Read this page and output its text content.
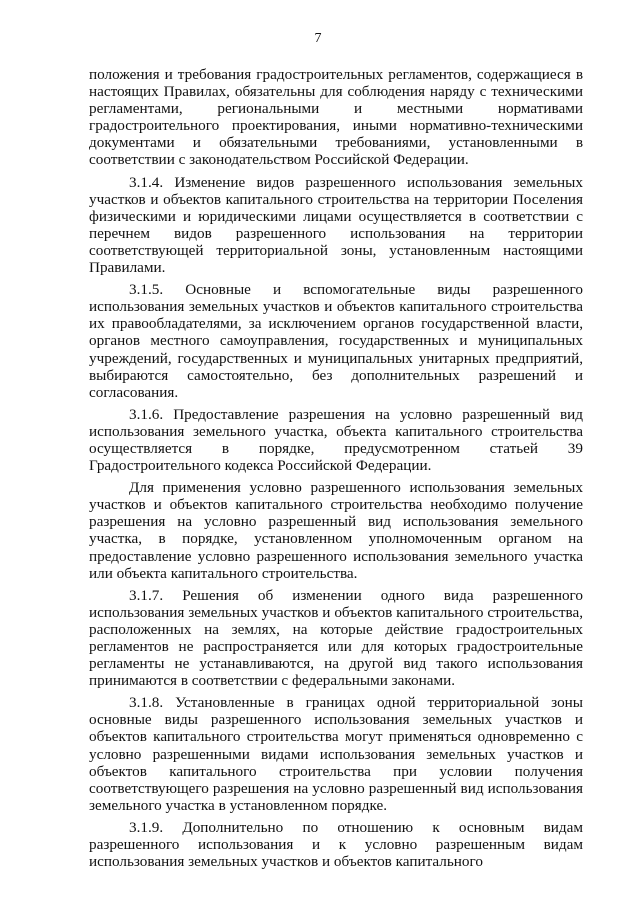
7

положения и требования градостроительных регламентов, содержащиеся в настоящих Правилах, обязательны для соблюдения наряду с техническими регламентами, региональными и местными нормативами градостроительного проектирования, иными нормативно-техническими документами и обязательными требованиями, установленными в соответствии с законодательством Российской Федерации.

3.1.4. Изменение видов разрешенного использования земельных участков и объектов капитального строительства на территории Поселения физическими и юридическими лицами осуществляется в соответствии с перечнем видов разрешенного использования на территории соответствующей территориальной зоны, установленным настоящими Правилами.

3.1.5. Основные и вспомогательные виды разрешенного использования земельных участков и объектов капитального строительства их правообладателями, за исключением органов государственной власти, органов местного самоуправления, государственных и муниципальных учреждений, государственных и муниципальных унитарных предприятий, выбираются самостоятельно, без дополнительных разрешений и согласования.

3.1.6. Предоставление разрешения на условно разрешенный вид использования земельного участка, объекта капитального строительства осуществляется в порядке, предусмотренном статьей 39 Градостроительного кодекса Российской Федерации.

Для применения условно разрешенного использования земельных участков и объектов капитального строительства необходимо получение разрешения на условно разрешенный вид использования земельного участка, в порядке, установленном уполномоченным органом на предоставление условно разрешенного использования земельного участка или объекта капитального строительства.

3.1.7. Решения об изменении одного вида разрешенного использования земельных участков и объектов капитального строительства, расположенных на землях, на которые действие градостроительных регламентов не распространяется или для которых градостроительные регламенты не устанавливаются, на другой вид такого использования принимаются в соответствии с федеральными законами.

3.1.8. Установленные в границах одной территориальной зоны основные виды разрешенного использования земельных участков и объектов капитального строительства могут применяться одновременно с условно разрешенными видами использования земельных участков и объектов капитального строительства при условии получения соответствующего разрешения на условно разрешенный вид использования земельного участка в установленном порядке.

3.1.9. Дополнительно по отношению к основным видам разрешенного использования и к условно разрешенным видам использования земельных участков и объектов капитального
